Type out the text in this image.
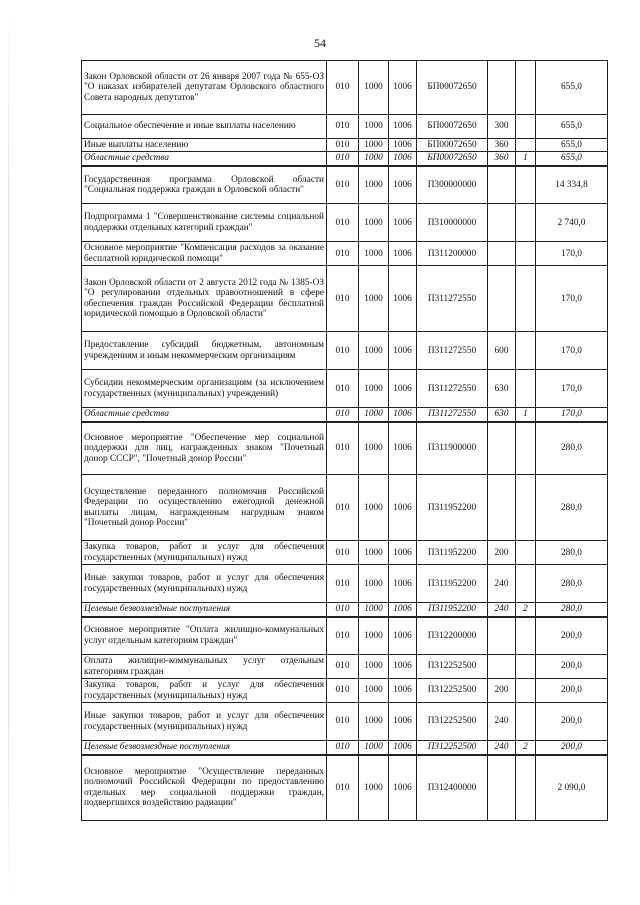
54
Закон Орловской области от 26 января 2007 года № 655-ОЗ "О наказах избирателей депутатам Орловского областного Совета народных депутатов"	010	1000	1006	БП00072650			655,0
Социальное обеспечение и иные выплаты населению	010	1000	1006	БП00072650	300		655,0
Иные выплаты населению	010	1000	1006	БП00072650	360		655,0
Областные средства	010	1000	1006	БП00072650	360	1	655,0
Государственная программа Орловской области "Социальная поддержка граждан в Орловской области"	010	1000	1006	П300000000			14 334,8
Подпрограмма 1 "Совершенствование системы социальной поддержки отдельных категорий граждан"	010	1000	1006	П310000000			2 740,0
Основное мероприятие "Компенсация расходов за оказание бесплатной юридической помощи"	010	1000	1006	П311200000			170,0
Закон Орловской области от 2 августа 2012 года № 1385-ОЗ "О регулировании отдельных правоотношений в сфере обеспечения граждан Российской Федерации бесплатной юридической помощью в Орловской области"	010	1000	1006	П311272550			170,0
Предоставление субсидий бюджетным, автономным учреждениям и иным некоммерческим организациям	010	1000	1006	П311272550	600		170,0
Субсидии некоммерческим организациям (за исключением государственных (муниципальных) учреждений)	010	1000	1006	П311272550	630		170,0
Областные средства	010	1000	1006	П311272550	630	1	170,0
Основное мероприятие "Обеспечение мер социальной поддержки для лиц, награжденных знаком "Почетный донор СССР", "Почетный донор России"	010	1000	1006	П311900000			280,0
Осуществление переданного полномочия Российской Федерации по осуществлению ежегодной денежной выплаты лицам, награжденным нагрудным знаком "Почетный донор России"	010	1000	1006	П311952200			280,0
Закупка товаров, работ и услуг для обеспечения государственных (муниципальных) нужд	010	1000	1006	П311952200	200		280,0
Иные закупки товаров, работ и услуг для обеспечения государственных (муниципальных) нужд	010	1000	1006	П311952200	240		280,0
Целевые безвозмездные поступления	010	1000	1006	П311952200	240	2	280,0
Основное мероприятие "Оплата жилищно-коммунальных услуг отдельным категориям граждан"	010	1000	1006	П312200000			200,0
Оплата жилищно-коммунальных услуг отдельным категориям граждан	010	1000	1006	П312252500			200,0
Закупка товаров, работ и услуг для обеспечения государственных (муниципальных) нужд	010	1000	1006	П312252500	200		200,0
Иные закупки товаров, работ и услуг для обеспечения государственных (муниципальных) нужд	010	1000	1006	П312252500	240		200,0
Целевые безвозмездные поступления	010	1000	1006	П312252500	240	2	200,0
Основное мероприятие "Осуществление переданных полномочий Российской Федерации по предоставлению отдельных мер социальной поддержки граждан, подвергшихся воздействию радиации"	010	1000	1006	П312400000			2 090,0
